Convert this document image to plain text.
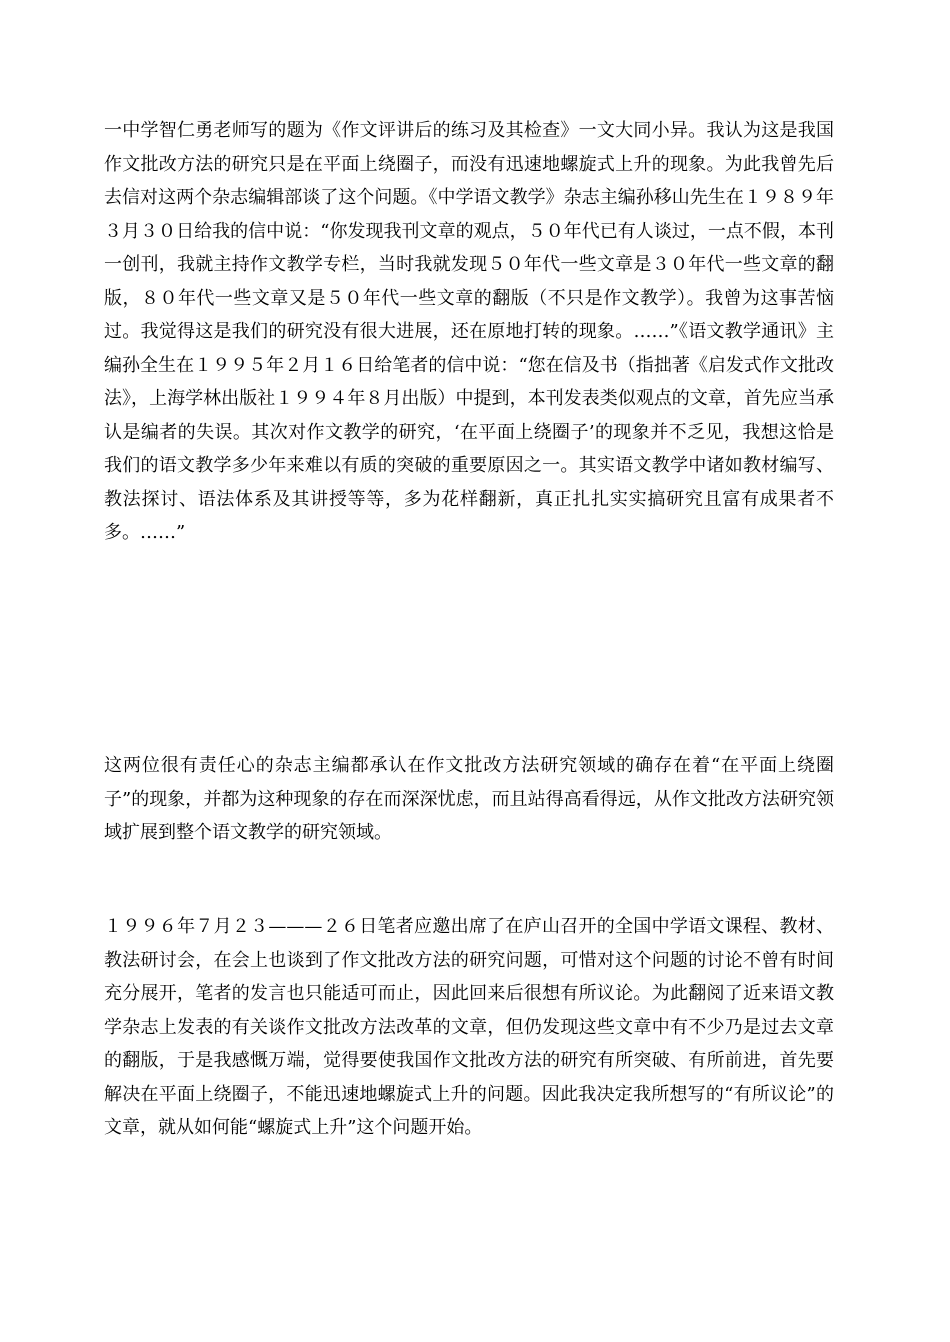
一中学智仁勇老师写的题为《作文评讲后的练习及其检查》一文大同小异。我认为这是我国作文批改方法的研究只是在平面上绕圈子，而没有迅速地螺旋式上升的现象。为此我曾先后去信对这两个杂志编辑部谈了这个问题。《中学语文教学》杂志主编孙移山先生在１９８９年３月３０日给我的信中说：“你发现我刊文章的观点，５０年代已有人谈过，一点不假，本刊一创刊，我就主持作文教学专栏，当时我就发现５０年代一些文章是３０年代一些文章的翻版，８０年代一些文章又是５０年代一些文章的翻版（不只是作文教学）。我曾为这事苦恼过。我觉得这是我们的研究没有很大进展，还在原地打转的现象。……”《语文教学通讯》主编孙全生在１９９５年２月１６日给笔者的信中说：“您在信及书（指拙著《启发式作文批改法》，上海学林出版社１９９４年８月出版）中提到，本刊发表类似观点的文章，首先应当承认是编者的失误。其次对作文教学的研究，‘在平面上绕圈子’的现象并不乏见，我想这恰是我们的语文教学多少年来难以有质的突破的重要原因之一。其实语文教学中诸如教材编写、教法探讨、语法体系及其讲授等等，多为花样翻新，真正扎扎实实搞研究且富有成果者不多。……”

这两位很有责任心的杂志主编都承认在作文批改方法研究领域的确存在着“在平面上绕圈子”的现象，并都为这种现象的存在而深深忧虑，而且站得高看得远，从作文批改方法研究领域扩展到整个语文教学的研究领域。

１９９６年７月２３———２６日笔者应邀出席了在庐山召开的全国中学语文课程、教材、教法研讨会，在会上也谈到了作文批改方法的研究问题，可惜对这个问题的讨论不曾有时间充分展开，笔者的发言也只能适可而止，因此回来后很想有所议论。为此翻阅了近来语文教学杂志上发表的有关谈作文批改方法改革的文章，但仍发现这些文章中有不少乃是过去文章的翻版，于是我感慨万端，觉得要使我国作文批改方法的研究有所突破、有所前进，首先要解决在平面上绕圈子，不能迅速地螺旋式上升的问题。因此我决定我所想写的“有所议论”的文章，就从如何能“螺旋式上升”这个问题开始。
